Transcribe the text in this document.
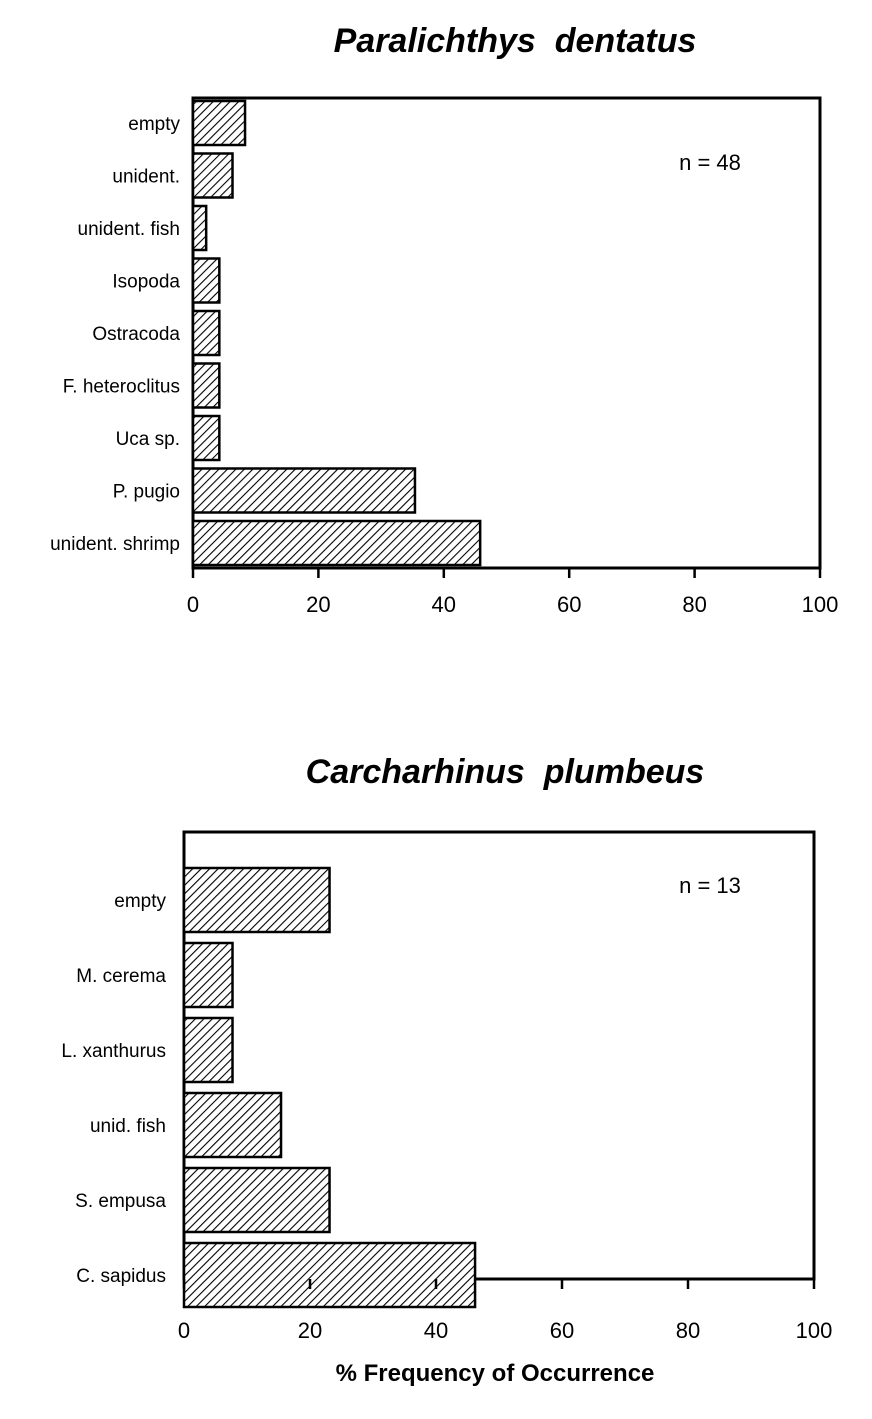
Paralichthys  dentatus
n = 48
empty
unident.
unident. fish
Isopoda
Ostracoda
F. heteroclitus
Uca sp.
P. pugio
unident. shrimp
0	20	40	60	80	100
Carcharhinus  plumbeus
n = 13
empty
M. cerema
L. xanthurus
unid. fish
S. empusa
C. sapidus
0	20	40	60	80	100
% Frequency of Occurrence
